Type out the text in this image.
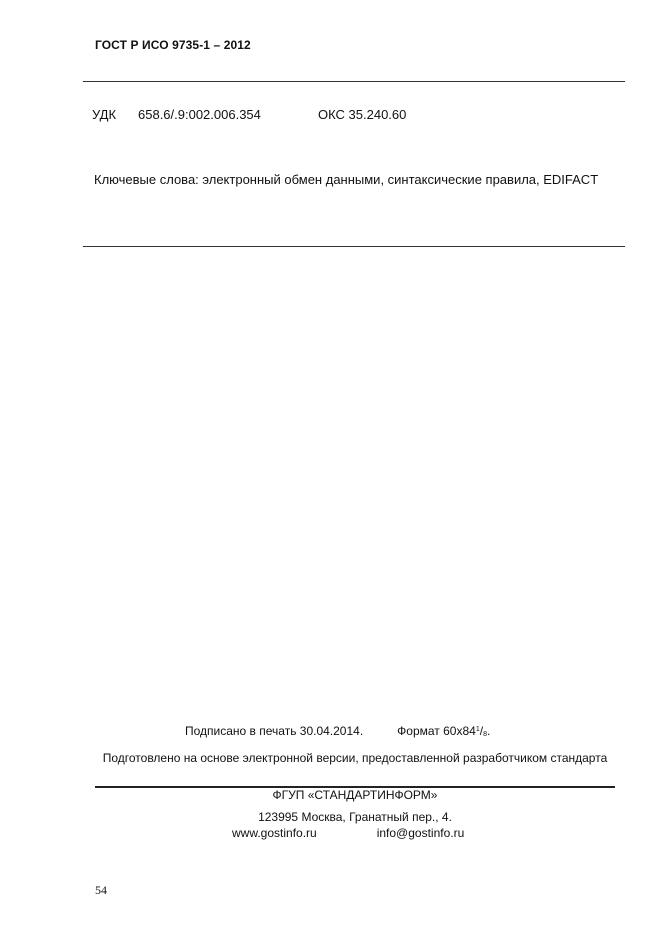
ГОСТ Р ИСО 9735-1 – 2012
УДК 658.6/.9:002.006.354	ОКС 35.240.60
Ключевые слова: электронный обмен данными, синтаксические правила, EDIFACT
Подписано в печать 30.04.2014.	Формат $60x84^1/_8$.
Подготовлено на основе электронной версии, предоставленной разработчиком стандарта
ФГУП «СТАНДАРТИНФОРМ»
123995 Москва, Гранатный пер., 4.
www.gostinfo.ru	info@gostinfo.ru
54
